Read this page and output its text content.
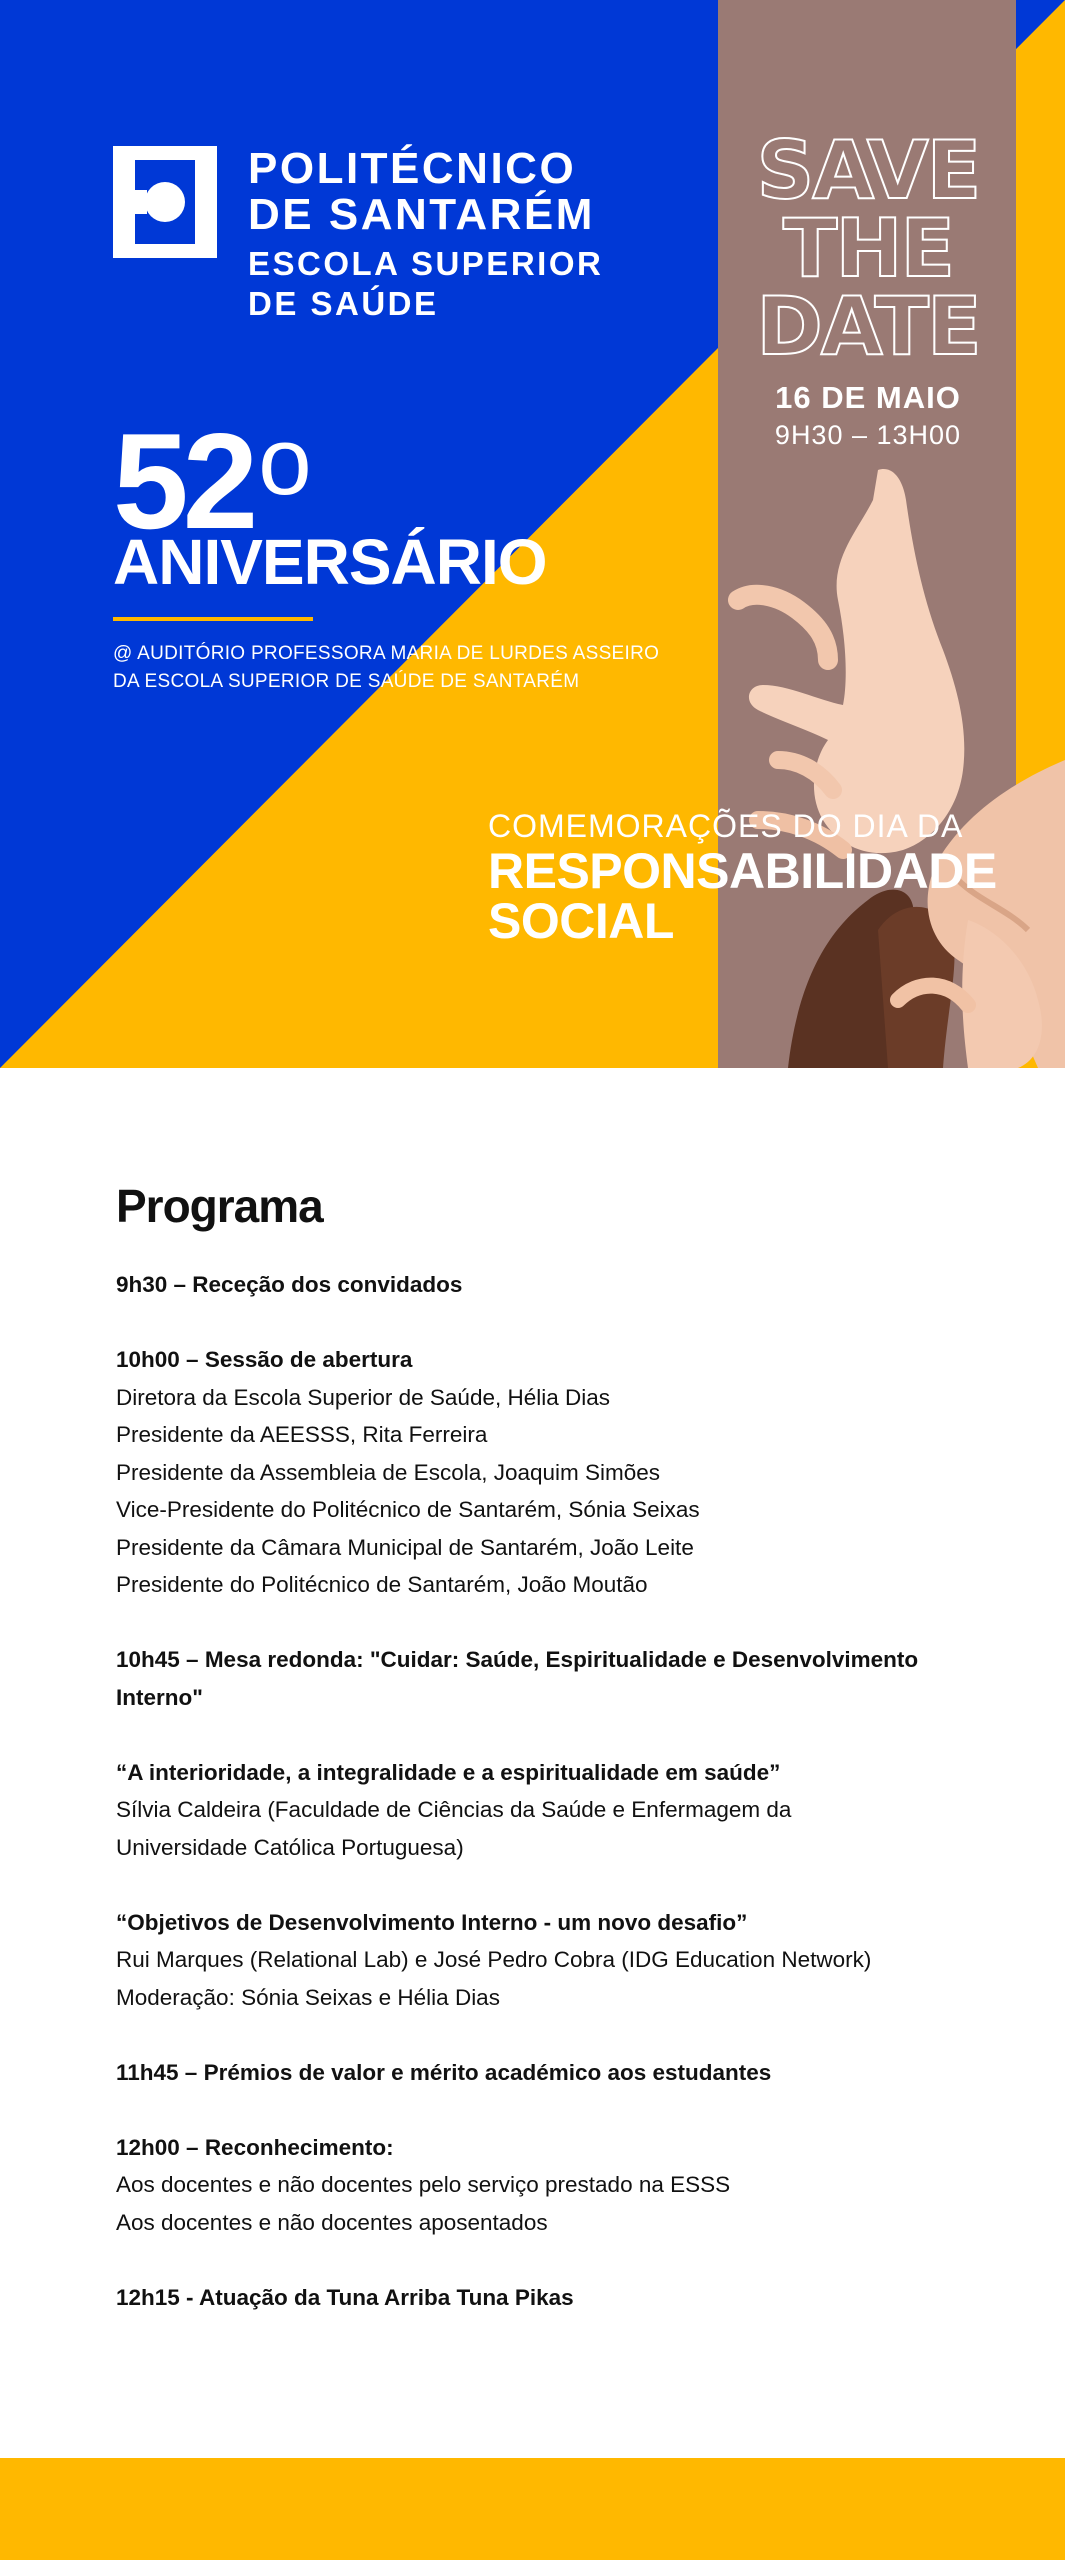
POLITÉCNICO
DE SANTARÉM
ESCOLA SUPERIOR
DE SAÚDE
52$^o$
ANIVERSÁRIO
@ AUDITÓRIO PROFESSORA MARIA DE LURDES ASSEIRO
DA ESCOLA SUPERIOR DE SAÚDE DE SANTARÉM
SAVE
THE
DATE
16 DE MAIO
9H30 – 13H00
COMEMORAÇÕES DO DIA DA
RESPONSABILIDADE
SOCIAL
Programa

9h30 – Receção dos convidados

10h00 – Sessão de abertura

Diretora da Escola Superior de Saúde, Hélia Dias

Presidente da AEESSS, Rita Ferreira

Presidente da Assembleia de Escola, Joaquim Simões

Vice-Presidente do Politécnico de Santarém, Sónia Seixas

Presidente da Câmara Municipal de Santarém, João Leite

Presidente do Politécnico de Santarém, João Moutão

10h45 – Mesa redonda: "Cuidar: Saúde, Espiritualidade e Desenvolvimento

Interno"

“A interioridade, a integralidade e a espiritualidade em saúde”

Sílvia Caldeira (Faculdade de Ciências da Saúde e Enfermagem da

Universidade Católica Portuguesa)

“Objetivos de Desenvolvimento Interno - um novo desafio”

Rui Marques (Relational Lab) e José Pedro Cobra (IDG Education Network)

Moderação: Sónia Seixas e Hélia Dias

11h45 – Prémios de valor e mérito académico aos estudantes

12h00 – Reconhecimento:

Aos docentes e não docentes pelo serviço prestado na ESSS

Aos docentes e não docentes aposentados

12h15 - Atuação da Tuna Arriba Tuna Pikas
